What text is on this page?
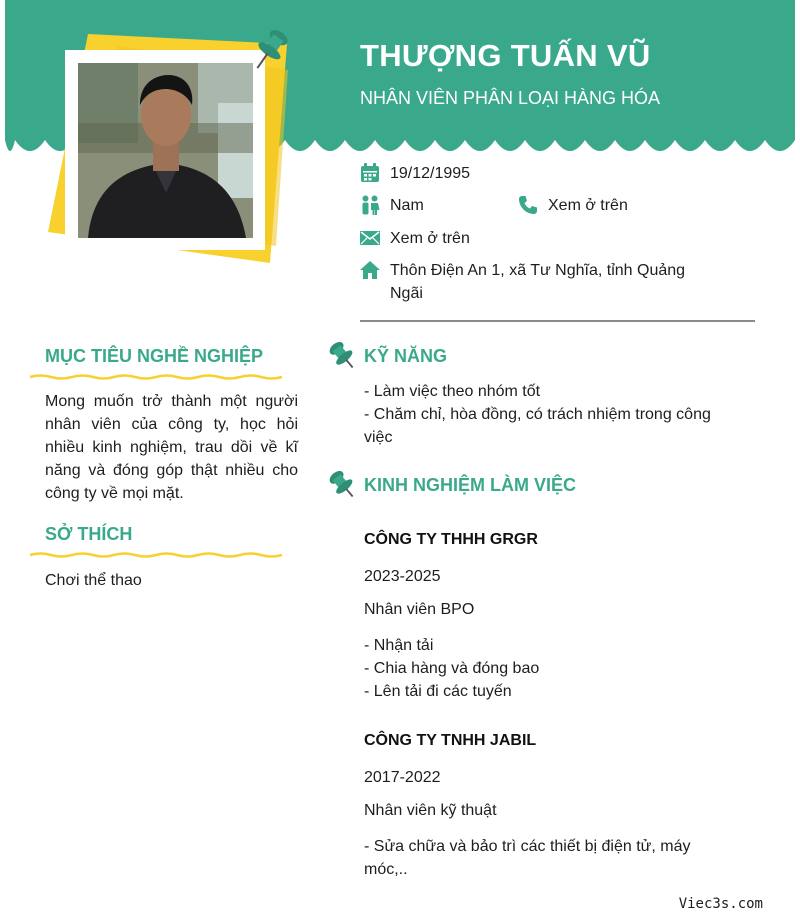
THƯỢNG TUẤN VŨ
NHÂN VIÊN PHÂN LOẠI HÀNG HÓA
19/12/1995
Nam	Xem ở trên
Xem ở trên
Thôn Điện An 1, xã Tư Nghĩa, tỉnh Quảng Ngãi
MỤC TIÊU NGHỀ NGHIỆP
Mong muốn trở thành một người nhân viên của công ty, học hỏi nhiều kinh nghiệm, trau dồi về kĩ năng và đóng góp thật nhiều cho công ty về mọi mặt.
SỞ THÍCH
Chơi thể thao
KỸ NĂNG
- Làm việc theo nhóm tốt
- Chăm chỉ, hòa đồng, có trách nhiệm trong công việc
KINH NGHIỆM LÀM VIỆC
CÔNG TY THHH GRGR
2023-2025
Nhân viên BPO
- Nhận tải
- Chia hàng và đóng bao
- Lên tải đi các tuyến
CÔNG TY TNHH JABIL
2017-2022
Nhân viên kỹ thuật
- Sửa chữa và bảo trì các thiết bị điện tử, máy móc,..
Viec3s.com
